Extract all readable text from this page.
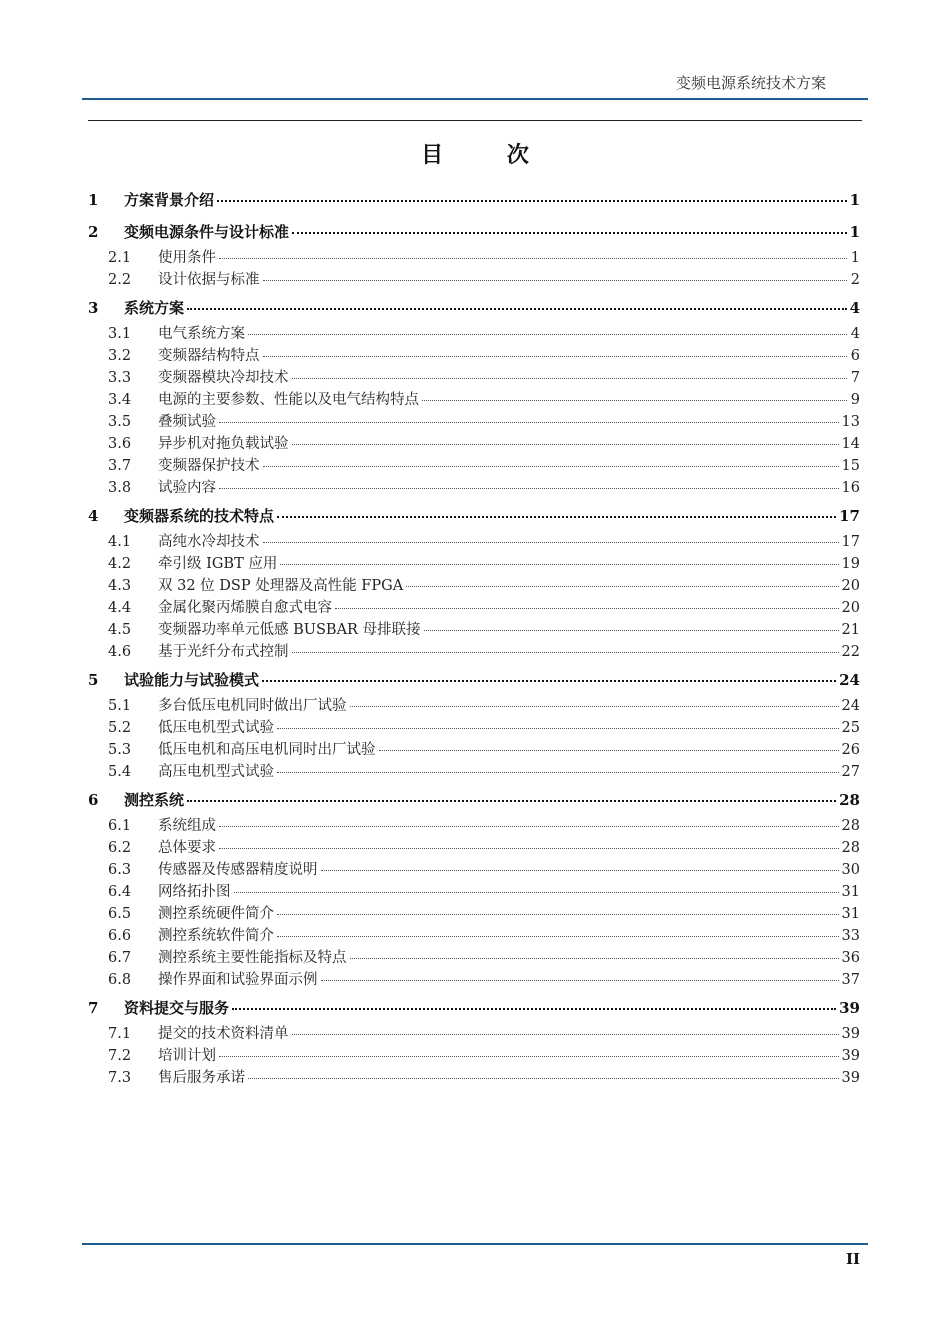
变频电源系统技术方案
目 次
1	方案背景介绍	1
2	变频电源条件与设计标准	1
2.1	使用条件	1
2.2	设计依据与标准	2
3	系统方案	4
3.1	电气系统方案	4
3.2	变频器结构特点	6
3.3	变频器模块冷却技术	7
3.4	电源的主要参数、性能以及电气结构特点	9
3.5	叠频试验	13
3.6	异步机对拖负载试验	14
3.7	变频器保护技术	15
3.8	试验内容	16
4	变频器系统的技术特点	17
4.1	高纯水冷却技术	17
4.2	牵引级 IGBT 应用	19
4.3	双 32 位 DSP 处理器及高性能 FPGA	20
4.4	金属化聚丙烯膜自愈式电容	20
4.5	变频器功率单元低感 BUSBAR 母排联接	21
4.6	基于光纤分布式控制	22
5	试验能力与试验模式	24
5.1	多台低压电机同时做出厂试验	24
5.2	低压电机型式试验	25
5.3	低压电机和高压电机同时出厂试验	26
5.4	高压电机型式试验	27
6	测控系统	28
6.1	系统组成	28
6.2	总体要求	28
6.3	传感器及传感器精度说明	30
6.4	网络拓扑图	31
6.5	测控系统硬件简介	31
6.6	测控系统软件简介	33
6.7	测控系统主要性能指标及特点	36
6.8	操作界面和试验界面示例	37
7	资料提交与服务	39
7.1	提交的技术资料清单	39
7.2	培训计划	39
7.3	售后服务承诺	39
II
